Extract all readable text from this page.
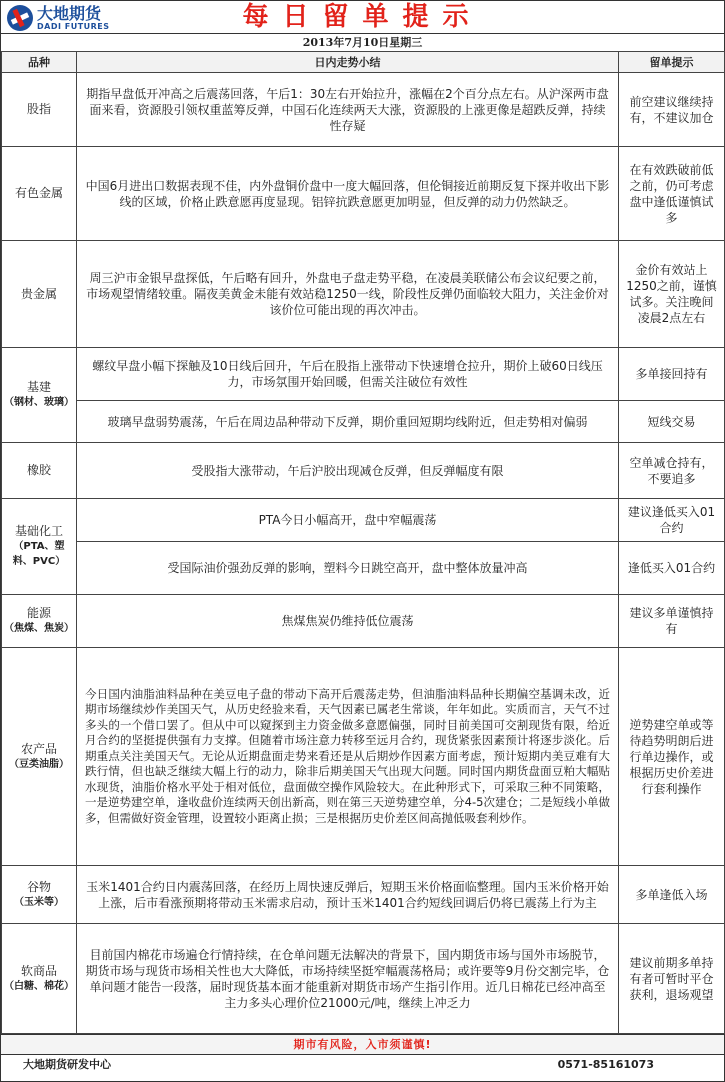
大地期货
DADI FUTURES	每日留单提示
2013年7月10日星期三
品种	日内走势小结	留单提示
股指	期指早盘低开冲高之后震荡回落，午后1：30左右开始拉升，涨幅在2个百分点左右。从沪深两市盘面来看，资源股引领权重蓝筹反弹，中国石化连续两天大涨，资源股的上涨更像是超跌反弹，持续性存疑	前空建议继续持有，不建议加仓
有色金属	中国6月进出口数据表现不佳，内外盘铜价盘中一度大幅回落，但伦铜接近前期反复下探并收出下影线的区域，价格止跌意愿再度显现。铝锌抗跌意愿更加明显，但反弹的动力仍然缺乏。	在有效跌破前低之前，仍可考虑盘中逢低谨慎试多
贵金属	周三沪市金银早盘探低，午后略有回升，外盘电子盘走势平稳，在凌晨美联储公布会议纪要之前，市场观望情绪较重。隔夜美黄金未能有效站稳1250一线，阶段性反弹仍面临较大阻力，关注金价对该价位可能出现的再次冲击。	金价有效站上1250之前，谨慎试多。关注晚间凌晨2点左右
基建
（钢材、玻璃）	螺纹早盘小幅下探触及10日线后回升，午后在股指上涨带动下快速增仓拉升，期价上破60日线压力，市场氛围开始回暖，但需关注破位有效性	多单接回持有
	玻璃早盘弱势震荡，午后在周边品种带动下反弹，期价重回短期均线附近，但走势相对偏弱	短线交易
橡胶	受股指大涨带动，午后沪胶出现减仓反弹，但反弹幅度有限	空单减仓持有，不要追多
基础化工
（PTA、塑料、PVC）	PTA今日小幅高开，盘中窄幅震荡	建议逢低买入01合约
	受国际油价强劲反弹的影响，塑料今日跳空高开，盘中整体放量冲高	逢低买入01合约
能源
（焦煤、焦炭）	焦煤焦炭仍维持低位震荡	建议多单谨慎持有
农产品
（豆类油脂）	今日国内油脂油料品种在美豆电子盘的带动下高开后震荡走势，但油脂油料品种长期偏空基调未改，近期市场继续炒作美国天气，从历史经验来看，天气因素已属老生常谈，年年如此。实质而言，天气不过多头的一个借口罢了。但从中可以窥探到主力资金做多意愿偏强，同时目前美国可交割现货有限，给近月合约的坚挺提供强有力支撑。但随着市场注意力转移至远月合约，现货紧张因素预计将逐步淡化。后期重点关注美国天气。无论从近期盘面走势来看还是从后期炒作因素方面考虑，预计短期内美豆难有大跌行情，但也缺乏继续大幅上行的动力，除非后期美国天气出现大问题。同时国内期货盘面豆粕大幅贴水现货，油脂价格水平处于相对低位，盘面做空操作风险较大。在此种形式下，可采取三种不同策略，一是逆势建空单，逢收盘价连续两天创出新高，则在第三天逆势建空单，分4-5次建仓；二是短线小单做多，但需做好资金管理，设置较小距离止损；三是根据历史价差区间高抛低吸套利炒作。	逆势建空单或等待趋势明朗后进行单边操作，或根据历史价差进行套利操作
谷物
（玉米等）	玉米1401合约日内震荡回落，在经历上周快速反弹后，短期玉米价格面临整理。国内玉米价格开始上涨，后市看涨预期将带动玉米需求启动，预计玉米1401合约短线回调后仍将已震荡上行为主	多单逢低入场
软商品
（白糖、棉花）	目前国内棉花市场遍仓行情持续，在仓单问题无法解决的背景下，国内期货市场与国外市场脱节，期货市场与现货市场相关性也大大降低，市场持续坚挺窄幅震荡格局；或许要等9月份交割完毕，仓单问题才能告一段落，届时现货基本面才能重新对期货市场产生指引作用。近几日棉花已经冲高至主力多头心理价位21000元/吨，继续上冲乏力	建议前期多单持有者可暂时平仓获利，退场观望
期市有风险，入市须谨慎!
大地期货研发中心	0571-85161073
